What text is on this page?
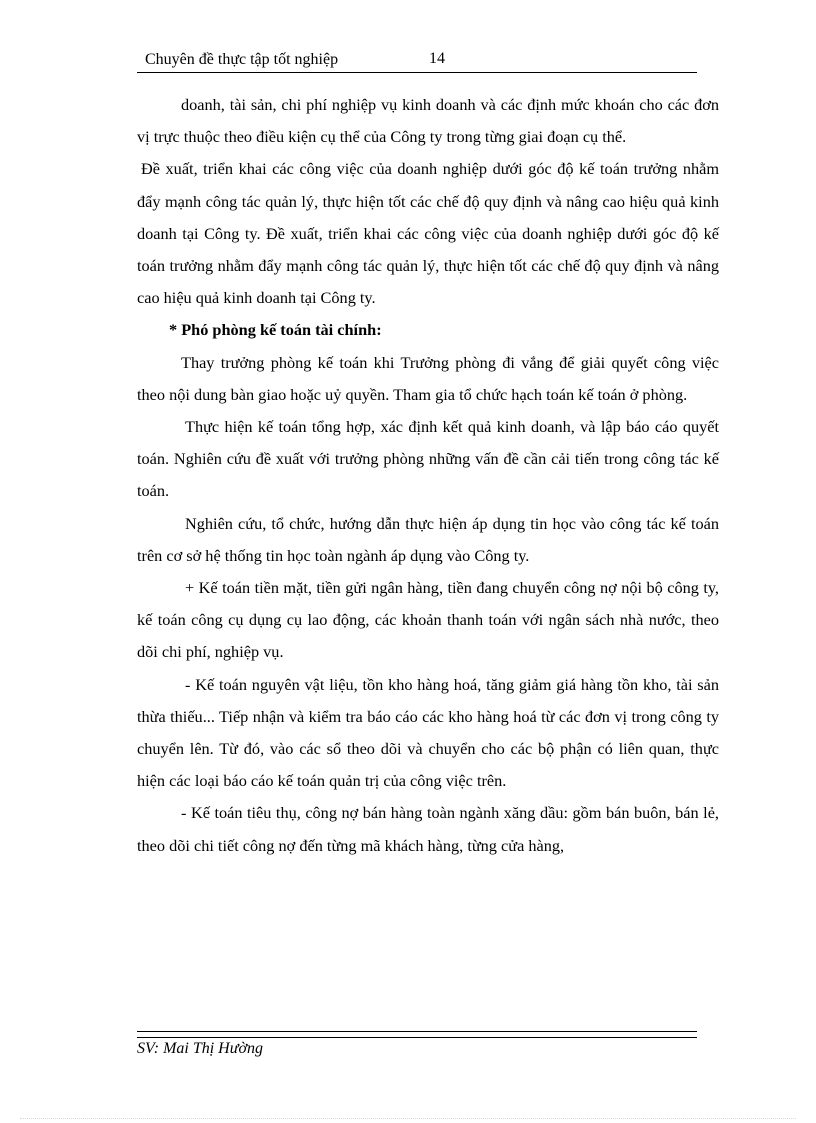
Chuyên đề thực tập tốt nghiệp	14

doanh, tài sản, chi phí nghiệp vụ kinh doanh và các định mức khoán cho các đơn vị trực thuộc theo điều kiện cụ thể của Công ty trong từng giai đoạn cụ thể.

Đề xuất, triển khai các công việc của doanh nghiệp dưới góc độ kế toán trưởng nhằm đẩy mạnh công tác quản lý, thực hiện tốt các chế độ quy định và nâng cao hiệu quả kinh doanh tại Công ty. Đề xuất, triển khai các công việc của doanh nghiệp dưới góc độ kế toán trưởng nhằm đẩy mạnh công tác quản lý, thực hiện tốt các chế độ quy định và nâng cao hiệu quả kinh doanh tại Công ty.

* Phó phòng kế toán tài chính:

Thay trưởng phòng kế toán khi Trưởng phòng đi vắng để giải quyết công việc theo nội dung bàn giao hoặc uỷ quyền. Tham gia tổ chức hạch toán kế toán ở phòng.

Thực hiện kế toán tổng hợp, xác định kết quả kinh doanh, và lập báo cáo quyết toán. Nghiên cứu đề xuất với trưởng phòng những vấn đề cần cải tiến trong công tác kế toán.

Nghiên cứu, tổ chức, hướng dẫn thực hiện áp dụng tin học vào công tác kế toán trên cơ sở hệ thống tin học toàn ngành áp dụng vào Công ty.

+ Kế toán tiền mặt, tiền gửi ngân hàng, tiền đang chuyển công nợ nội bộ công ty, kế toán công cụ dụng cụ lao động, các khoản thanh toán với ngân sách nhà nước, theo dõi chi phí, nghiệp vụ.

- Kế toán nguyên vật liệu, tồn kho hàng hoá, tăng giảm giá hàng tồn kho, tài sản thừa thiếu... Tiếp nhận và kiểm tra báo cáo các kho hàng hoá từ các đơn vị trong công ty chuyển lên. Từ đó, vào các sổ theo dõi và chuyển cho các bộ phận có liên quan, thực hiện các loại báo cáo kế toán quản trị của công việc trên.

- Kế toán tiêu thụ, công nợ bán hàng toàn ngành xăng dầu: gồm bán buôn, bán lẻ, theo dõi chi tiết công nợ đến từng mã khách hàng, từng cửa hàng,

SV: Mai Thị Hường
